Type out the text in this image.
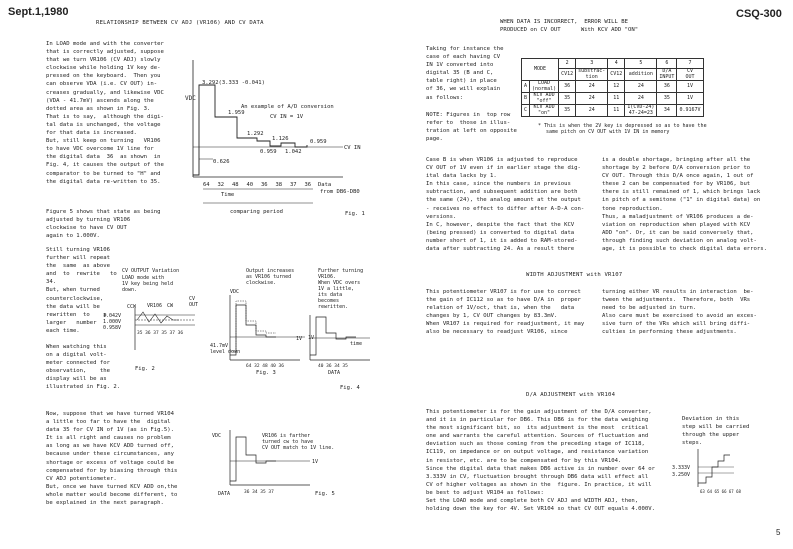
Sept.1,1980	CSQ-300
5
RELATIONSHIP BETWEEN CV ADJ (VR106) AND CV DATA
In LOAD mode and with the converter
that is correctly adjusted, suppose
that we turn VR106 (CV ADJ) slowly
clockwise while holding 1V key de-
pressed on the keyboard.  Then you
can observe VDA (i.e. CV OUT) in-
creases gradually, and likewise VDC
(VDA - 41.7mV) ascends along the
dotted area as shown in Fig. 3.
That is to say,  although the digi-
tal data is unchanged, the voltage
for that data is increased.
But, still keep on turning   VR106
to have VDC overcome 1V line for
the digital data  36  as shown  in
Fig. 4, it causes the output of the
comparator to be turned to "H" and
the digital data re-written to 35.
Figure 5 shows that state as being
adjusted by turning VR106
clockwise to have CV OUT
again to 1.000V.
Still turning VR106
further will repeat
the  same  as above
and  to  rewrite   to
34.
But, when turned
counterclockwise,
the data will be
rewritten  to    a
larger   number
each time.
When watching this
on a digital volt-
meter connected for
observation,    the
display will be as
illustrated in Fig. 2.
Now, suppose that we have turned VR104
a little too far to have the  digital
data 35 for CV IN of 1V (as in Fig.5).
It is all right and causes no problem
as long as we have KCV ADD turned off,
because under these circumstances, any
shortage or excess of voltage could be
compensated for by biasing through this
CV ADJ potentiometer.
But, once we have turned KCV ADD on,the
whole matter would become different, to
be explained in the next paragraph.
VDC
3.292(3.333 -0.041)
1.959
1.292
1.126
0.959 1.042
0.959
0.626
CV IN
An example of A/D conversion
CV IN = 1V
64 32 48 40 36 38 37 36 Data
from DB6-DB0
Time
comparing period	Fig. 1
CV OUTPUT Variation
LOAD mode with
1V key being held
down.
CCW VR106 CW
CV OUT
1.042V
1.000V
0.958V
35 36 37 35 37 36
Fig. 2
Output increases
as VR106 turned
clockwise.
VDC
1V
41.7mV level down
64 32 48 40 36
Fig. 3
Further turning
VR106.
When VDC overs
1V a little,
its data
becomes
rewritten.
1V
time
40 36 34 35
DATA
Fig. 4
VR106 is farther
turned cw to have
CV OUT match to 1V line.
VDC
1V
DATA	36 34 35 37	Fig. 5
WHEN DATA IS INCORRECT,  ERROR WILL BE
PRODUCED on CV OUT      With KCV ADD "ON"
Taking for instance the
case of each having CV
IN 1V converted into
digital 35 (B and C,
table right) in place
of 36, we will explain
as follows:
NOTE: Figures in  top row
refer to  those in illus-
tration at left on opposite
page.
MODE		2	3	4	5	6	7
		CV12	substrac-
tion	CV12	addition	D/A
INPUT	CV
OUT
A	LOAD
(normal)	36	24	12	24	36	1V
B	KCV ADD
"off"	35	24	11	24	35	1V
C	KCV ADD
"on"	35	24	11	1(CVD-24)
47-24=23	34	0.9167V
* This is when the 2V key is depressed so as to have the
same pitch on CV OUT with 1V IN in memory
Case B is when VR106 is adjusted to reproduce
CV OUT of 1V even if in earlier stage the dig-
ital data lacks by 1.
In this case, since the numbers in previous
subtraction, and subsequent addition are both
the same (24), the analog amount at the output
- receives no effect to differ after A-D-A con-
versions.
In C, however, despite the fact that the KCV
(being pressed) is converted to digital data
number short of 1, it is added to RAM-stored-
data after subtracting 24. As a result there
is a double shortage, bringing after all the
shortage by 2 before D/A conversion prior to
CV OUT. Through this D/A once again, 1 out of
these 2 can be compensated for by VR106, but
there is still remained of 1, which brings lack
in pitch of a semitone ("1" in digital data) on
tone reproduction.
Thus, a maladjustment of VR106 produces a de-
viation on reproduction when played with KCV
ADD "on". Or, it can be said conversely that,
through finding such deviation on analog volt-
age, it is possible to check digital data errors.
WIDTH ADJUSTMENT with VR107
This potentiometer VR107 is for use to correct
the gain of IC112 so as to have D/A in  proper
relation of 1V/oct, that is, when the   data
changes by 1, CV OUT changes by 83.3mV.
When VR107 is required for readjustment, it may
also be necessary to readjust VR106, since
turning either VR results in interaction  be-
tween the adjustments.  Therefore, both  VRs
need to be adjusted in turn.
Also care must be exercised to avoid an exces-
sive turn of the VRs which will bring diffi-
culties in performing these adjustments.
D/A ADJUSTMENT with VR104
This potentiometer is for the gain adjustment of the D/A converter,
and it is in particular for DB6. This DB6 is for the data weighing
the most significant bit, so  its adjustment is the most  critical
one and warrants the careful attention. Sources of fluctuation and
deviation such as those coming from the preceding stage of IC118,
IC119, on impedance or on output voltage, and resistance variation
in resistor, etc. are to be compensated for by this VR104.
Since the digital data that makes DB6 active is in number over 64 or
3.333V in CV, fluctuation brought through DB6 data will effect all
CV of higher voltages as shown in the  figure. In practice, it will
be best to adjust VR104 as follows:
Set the LOAD mode and complete both CV ADJ and WIDTH ADJ, then,
holding down the key for 4V. Set VR104 so that CV OUT equals 4.000V.
Deviation in this
step will be carried
through the upper
steps.
3.333V
3.250V
63 64 65 66 67 68
